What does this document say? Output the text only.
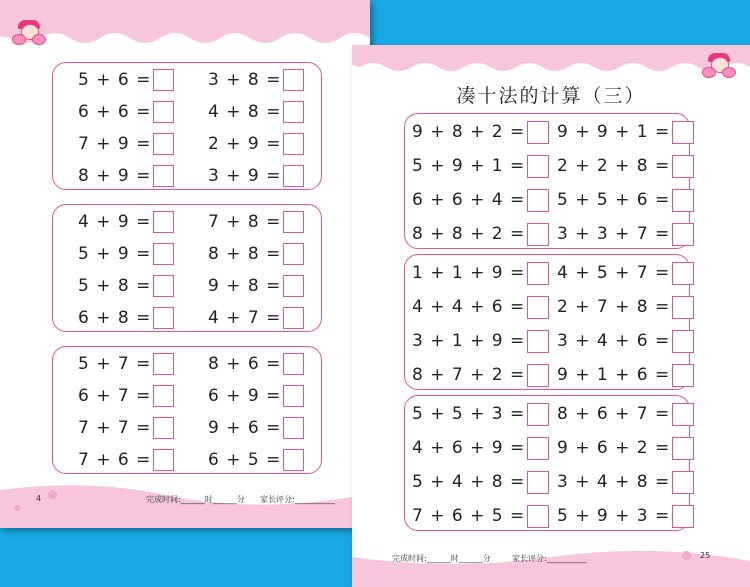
5 + 6 =	3 + 8 =
6 + 6 =	4 + 8 =
7 + 9 =	2 + 9 =
8 + 9 =	3 + 9 =
4 + 9 =	7 + 8 =
5 + 9 =	8 + 8 =
5 + 8 =	9 + 8 =
6 + 8 =	4 + 7 =
5 + 7 =	8 + 6 =
6 + 7 =	6 + 9 =
7 + 7 =	9 + 6 =
7 + 6 =	6 + 5 =
4	完成时间:______时______分 家长评分:__________
凑十法的计算（三）
9 + 8 + 2 = 9 + 9 + 1 =
5 + 9 + 1 = 2 + 2 + 8 =
6 + 6 + 4 = 5 + 5 + 6 =
8 + 8 + 2 = 3 + 3 + 7 =
1 + 1 + 9 = 4 + 5 + 7 =
4 + 4 + 6 = 2 + 7 + 8 =
3 + 1 + 9 = 3 + 4 + 6 =
8 + 7 + 2 = 9 + 1 + 6 =
5 + 5 + 3 = 8 + 6 + 7 =
4 + 6 + 9 = 9 + 6 + 2 =
5 + 4 + 8 = 3 + 4 + 8 =
7 + 6 + 5 = 5 + 9 + 3 =
25
完成时间:______时______分	家长评分:__________
